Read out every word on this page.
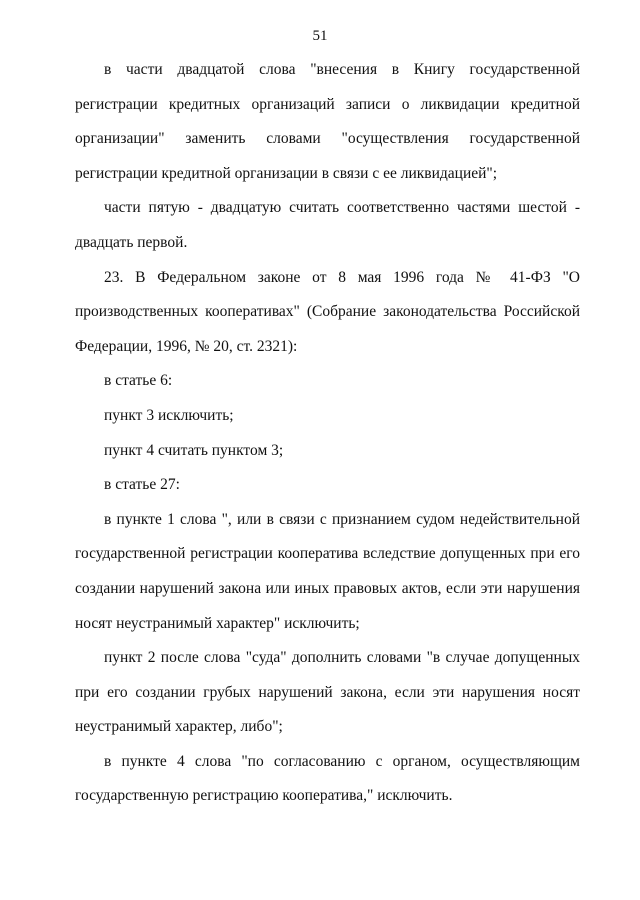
51

в части двадцатой слова "внесения в Книгу государственной регистрации кредитных организаций записи о ликвидации кредитной организации" заменить словами "осуществления государственной регистрации кредитной организации в связи с ее ликвидацией";

части пятую - двадцатую считать соответственно частями шестой - двадцать первой.

23. В Федеральном законе от 8 мая 1996 года № 41-ФЗ "О производственных кооперативах" (Собрание законодательства Российской Федерации, 1996, № 20, ст. 2321):

в статье 6:

пункт 3 исключить;

пункт 4 считать пунктом 3;

в статье 27:

в пункте 1 слова ", или в связи с признанием судом недействительной государственной регистрации кооператива вследствие допущенных при его создании нарушений закона или иных правовых актов, если эти нарушения носят неустранимый характер" исключить;

пункт 2 после слова "суда" дополнить словами "в случае допущенных при его создании грубых нарушений закона, если эти нарушения носят неустранимый характер, либо";

в пункте 4 слова "по согласованию с органом, осуществляющим государственную регистрацию кооператива," исключить.
